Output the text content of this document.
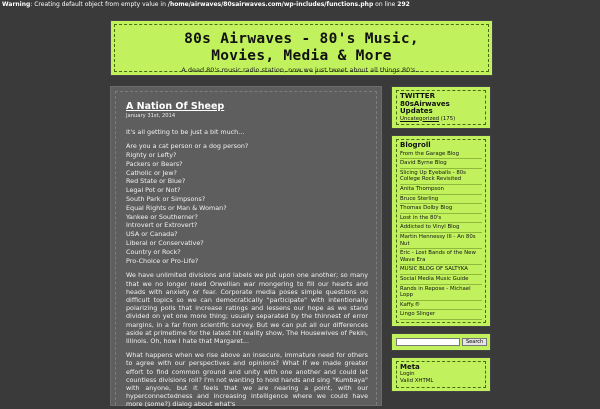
Warning: Creating default object from empty value in /home/airwaves/80sairwaves.com/wp-includes/functions.php on line 292
80s Airwaves - 80's Music,
Movies, Media & More
A dead 80's music radio station, now we just tweet about all things 80's...
A Nation Of Sheep
January 31st, 2014

It's all getting to be just a bit much...

Are you a cat person or a dog person?
Righty or Lefty?
Packers or Bears?
Catholic or Jew?
Red State or Blue?
Legal Pot or Not?
South Park or Simpsons?
Equal Rights or Man & Woman?
Yankee or Southerner?
Introvert or Extrovert?
USA or Canada?
Liberal or Conservative?
Country or Rock?
Pro-Choice or Pro-Life?

We have unlimited divisions and labels we put upon one another; so many that we no longer need Orwellian war mongering to fill our hearts and heads with anxiety or fear. Corporate media poses simple questions on difficult topics so we can democratically "participate" with intentionally polarizing polls that increase ratings and lessens our hope as we stand divided on yet one more thing; usually separated by the thinnest of error margins, in a far from scientific survey. But we can put all our differences aside at primetime for the latest hit reality show, The Housewives of Pekin, Illinois. Oh, how I hate that Margaret...

What happens when we rise above an insecure, immature need for others to agree with our perspectives and opinions? What if we made greater effort to find common ground and unity with one another and could let countless divisions roll? I'm not wanting to hold hands and sing "Kumbaya" with anyone, but it feels that we are nearing a point, with our hyperconnectedness and increasing intelligence where we could have more (some?) dialog about what's

TWITTER
80sAirwaves Updates
Uncategorized (175)
Blogroll
From the Garage Blog
David Byrne Blog
Slicing Up Eyeballs - 80s College Rock Revisited
Anita Thompson
Bruce Sterling
Thomas Dolby Blog
Lost in the 80's
Addicted to Vinyl Blog
Martin Hennessy III - An 80s Nut
Eric - Lost Bands of the New Wave Era
MUSIC BLOG OF SALTYKA
Social Media Music Guide
Rands in Repose - Michael Lopp
Kaffy.®
Lingo Slinger
Search
Meta
Login
Valid XHTML
